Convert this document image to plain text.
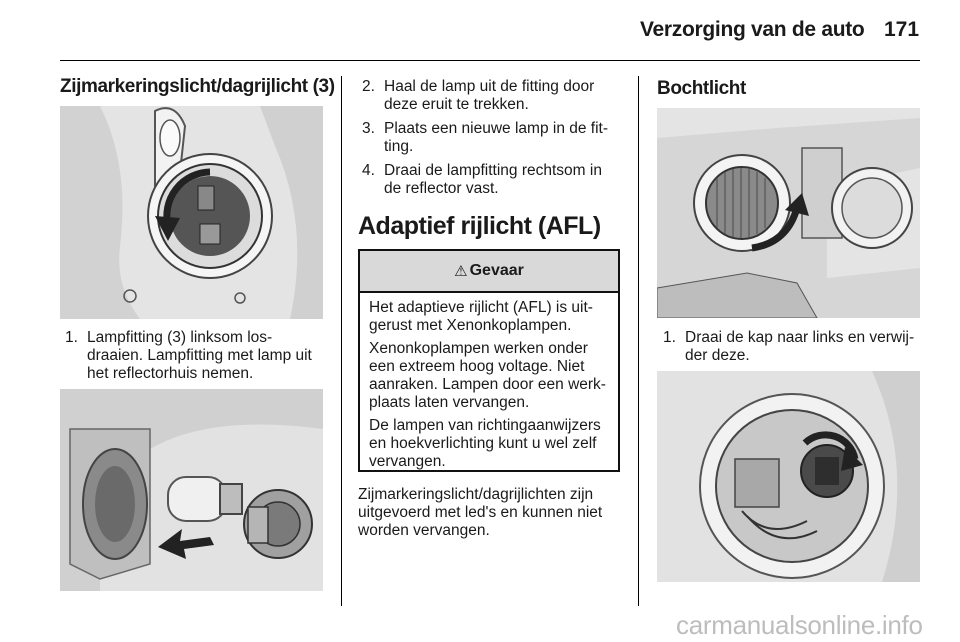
Verzorging van de auto 171
Zijmarkeringslicht/dagrijlicht (3)
1. Lampfitting (3) linksom los-
draaien. Lampfitting met lamp uit
het reflectorhuis nemen.
2. Haal de lamp uit de fitting door
deze eruit te trekken.
3. Plaats een nieuwe lamp in de fit-
ting.
4. Draai de lampfitting rechtsom in
de reflector vast.
Adaptief rijlicht (AFL)
⚠ Gevaar

Het adaptieve rijlicht (AFL) is uit-
gerust met Xenonkoplampen.

Xenonkoplampen werken onder
een extreem hoog voltage. Niet
aanraken. Lampen door een werk-
plaats laten vervangen.

De lampen van richtingaanwijzers
en hoekverlichting kunt u wel zelf
vervangen.

Zijmarkeringslicht/dagrijlichten zijn
uitgevoerd met led's en kunnen niet
worden vervangen.
Bochtlicht
1. Draai de kap naar links en verwij-
der deze.
carmanualsonline.info
